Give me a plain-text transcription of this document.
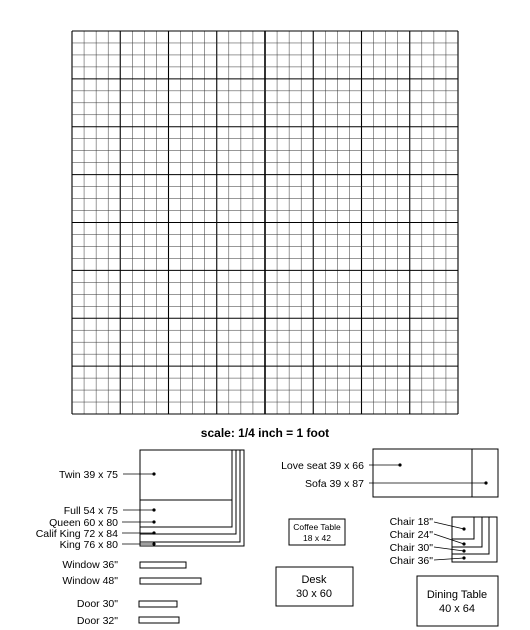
scale: 1/4 inch = 1 foot
Twin 39 x 75
Full 54 x 75
Queen 60 x 80
Calif King 72 x 84
King 76 x 80
Love seat 39 x 66
Sofa 39 x 87
Coffee Table
18 x 42
Chair 18"
Chair 24"
Chair 30"
Chair 36"
Window 36"
Window 48"
Door 30"
Door 32"
Desk
30 x 60	Dining Table
40 x 64
